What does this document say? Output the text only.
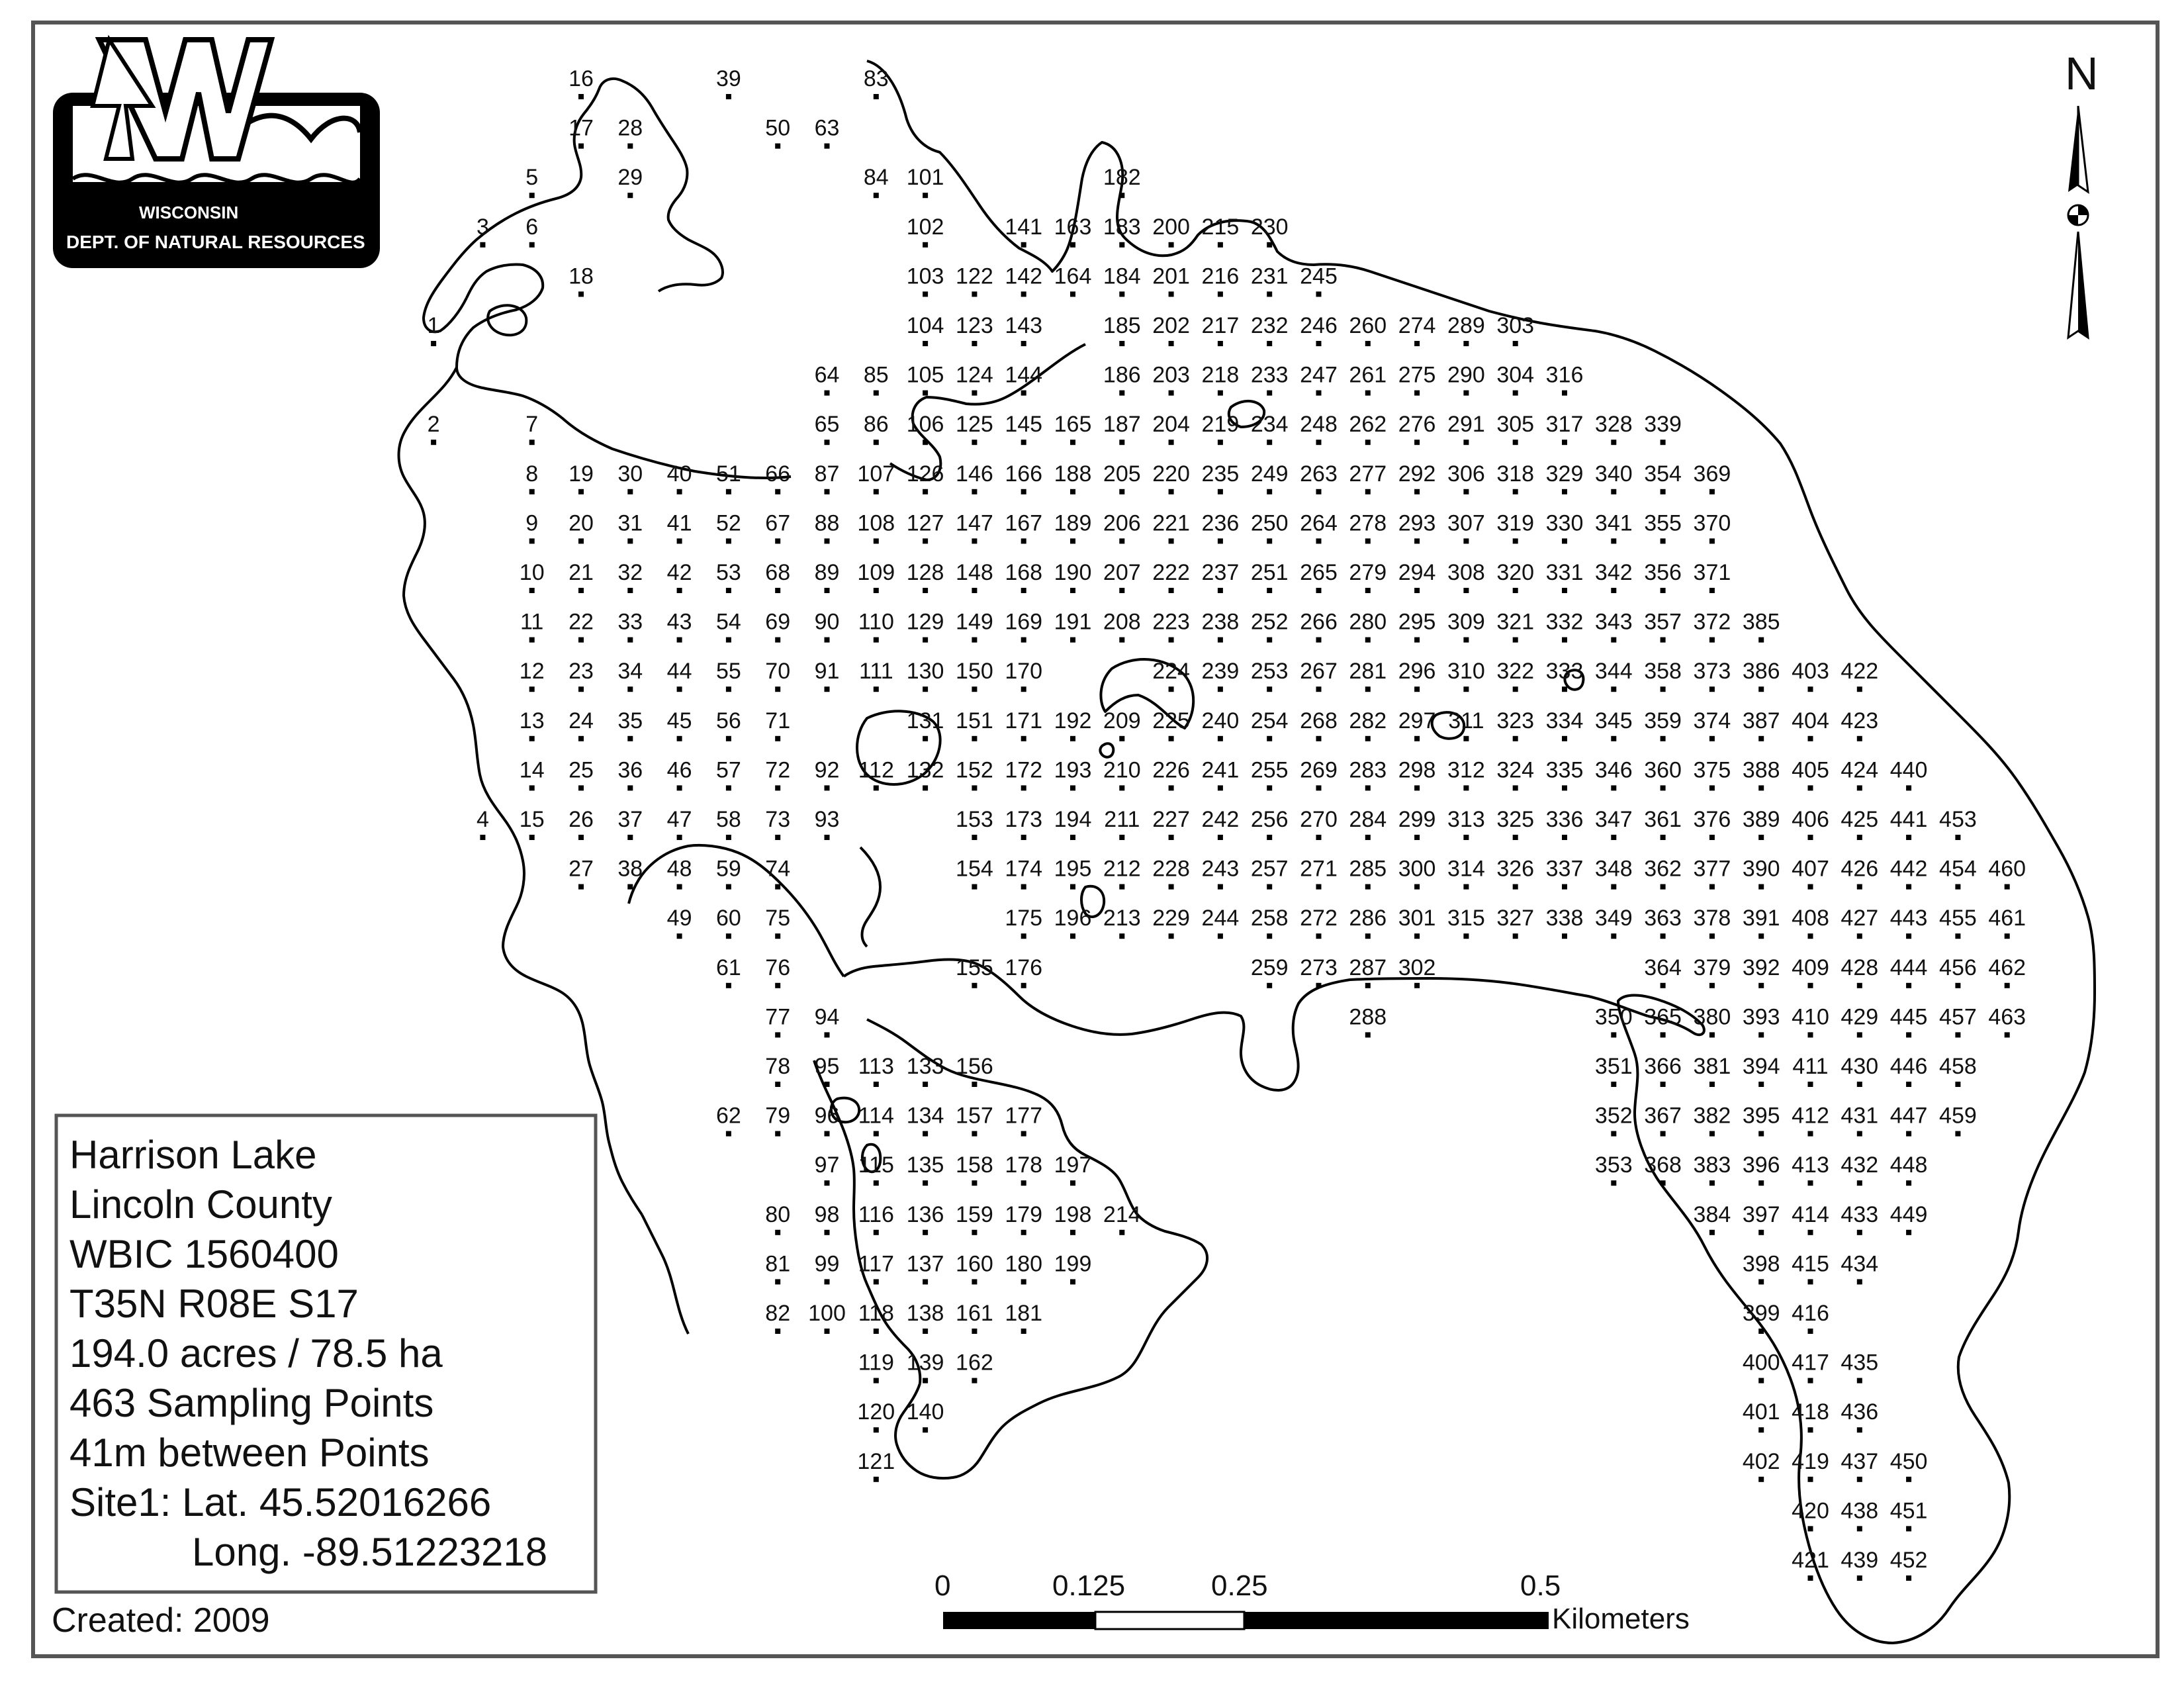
WISCONSIN
DEPT. OF NATURAL RESOURCES
N
Harrison Lake
Lincoln County
WBIC 1560400
T35N R08E S17
194.0 acres / 78.5 ha
463 Sampling Points
41m between Points
Site1: Lat. 45.52016266
Long. -89.51223218
Created: 2009
0	0.125	0.25	0.5
Kilometers
16	39	83
17 28	50 63
5	29	84 101	182
3 6	102	141 163 183 200 215 230
18	103 122 142 164 184 201 216 231 245
1	104 123 143	185 202 217 232 246 260 274 289 303
64 85 105 124 144	186 203 218 233 247 261 275 290 304 316
2	7	65 86 106 125 145 165 187 204 219 234 248 262 276 291 305 317 328 339
8 19 30 40 51 66 87 107 126 146 166 188 205 220 235 249 263 277 292 306 318 329 340 354 369
9 20 31 41 52 67 88 108 127 147 167 189 206 221 236 250 264 278 293 307 319 330 341 355 370
10 21 32 42 53 68 89 109 128 148 168 190 207 222 237 251 265 279 294 308 320 331 342 356 371
11 22 33 43 54 69 90 110 129 149 169 191 208 223 238 252 266 280 295 309 321 332 343 357 372 385
12 23 34 44 55 70 91 111 130 150 170	224 239 253 267 281 296 310 322 333 344 358 373 386 403 422
13 24 35 45 56 71	131 151 171 192 209 225 240 254 268 282 297 311 323 334 345 359 374 387 404 423
14 25 36 46 57 72 92 112 132 152 172 193 210 226 241 255 269 283 298 312 324 335 346 360 375 388 405 424 440
4 15 26 37 47 58 73 93	153 173 194 211 227 242 256 270 284 299 313 325 336 347 361 376 389 406 425 441 453
27 38 48 59 74	154 174 195 212 228 243 257 271 285 300 314 326 337 348 362 377 390 407 426 442 454 460
49 60 75	175 196 213 229 244 258 272 286 301 315 327 338 349 363 378 391 408 427 443 455 461
61 76	155 176	259 273 287 302	364 379 392 409 428 444 456 462
77 94	288	350 365 380 393 410 429 445 457 463
78 95 113 133 156	351 366 381 394 411 430 446 458
62 79 96 114 134 157 177	352 367 382 395 412 431 447 459
97 115 135 158 178 197	353 368 383 396 413 432 448
80 98 116 136 159 179 198 214	384 397 414 433 449
81 99 117 137 160 180 199	398 415 434
82 100 118 138 161 181	399 416
119 139 162	400 417 435
120 140	401 418 436
121	402 419 437 450
420 438 451
421 439 452
